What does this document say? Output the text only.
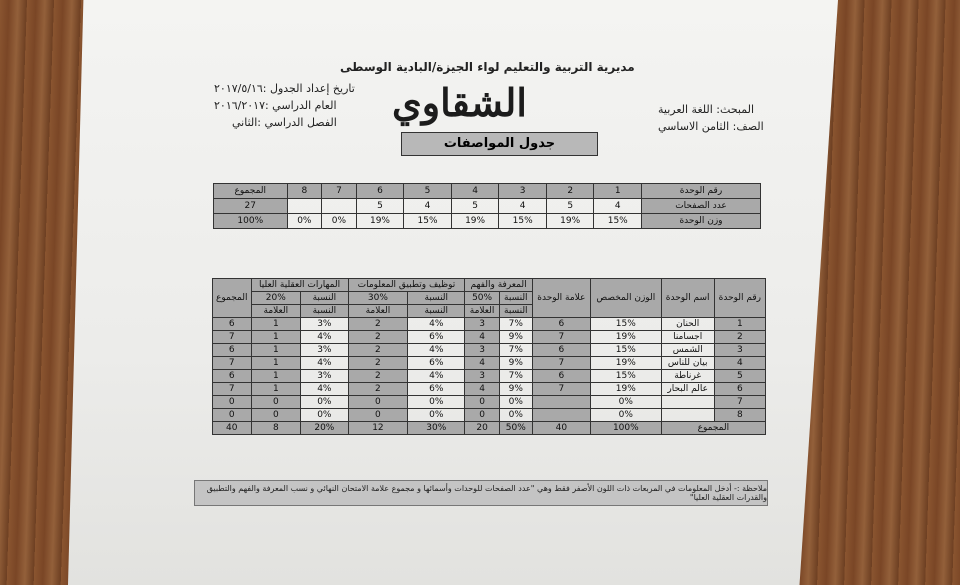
مديرية التربية والتعليم لواء الجيزة/البادية الوسطى
الشقاوي
جدول المواصفات
المبحث: اللغة العربية
الصف: الثامن الاساسي
تاريخ إعداد الجدول :٢٠١٧/٥/١٦
العام الدراسي :٢٠١٦/٢٠١٧
الفصل الدراسي :الثاني
رقم الوحدة	1	2	3	4	5	6	7	8	المجموع
عدد الصفحات	4	5	4	5	4	5			27
وزن الوحدة	15%	19%	15%	19%	15%	19%	0%	0%	100%
رقم الوحدة	اسم الوحدة	الوزن المخصص	علامة الوحدة	المعرفة والفهم		توظيف وتطبيق المعلومات		المهارات العقلية العليا		المجموع
				النسبة	50%	النسبة	30%	النسبة	20%	
				النسبة	العلامة	النسبة	العلامة	النسبة	العلامة	
1	الحنان	15%	6	7%	3	4%	2	3%	1	6
2	اجسامنا	19%	7	9%	4	6%	2	4%	1	7
3	الشمس	15%	6	7%	3	4%	2	3%	1	6
4	بيان للناس	19%	7	9%	4	6%	2	4%	1	7
5	غرناطة	15%	6	7%	3	4%	2	3%	1	6
6	عالم البحار	19%	7	9%	4	6%	2	4%	1	7
7		0%		0%	0	0%	0	0%	0	0
8		0%		0%	0	0%	0	0%	0	0
المجموع		100%	40	50%	20	30%	12	20%	8	40
ملاحظة :- أدخل المعلومات في المربعات ذات اللون الأصفر فقط وهي "عدد الصفحات للوحدات وأسمائها و مجموع علامة الامتحان النهائي و نسب المعرفة والفهم والتطبيق والقدرات العقلية العليا"
